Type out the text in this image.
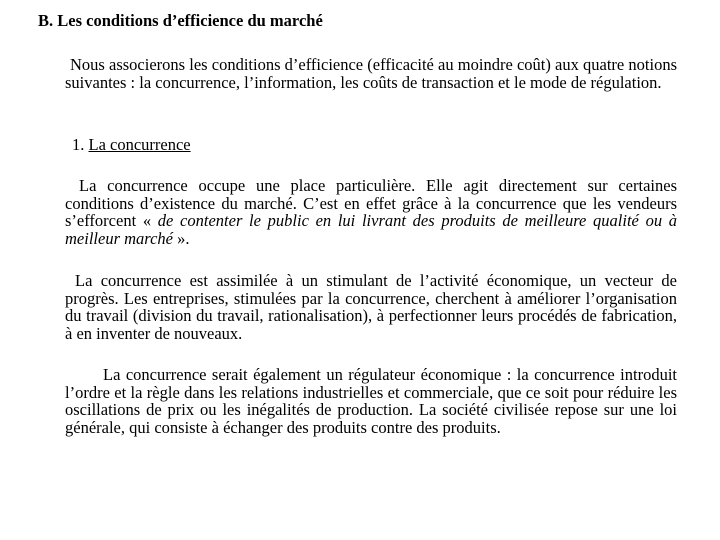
B. Les conditions d’efficience du marché

Nous associerons les conditions d’efficience (efficacité au moindre coût) aux quatre notions suivantes : la concurrence, l’information, les coûts de transaction et le mode de régulation.

1. La concurrence

La concurrence occupe une place particulière. Elle agit directement sur certaines conditions d’existence du marché. C’est en effet grâce à la concurrence que les vendeurs s’efforcent « de contenter le public en lui livrant des produits de meilleure qualité ou à meilleur marché ».

La concurrence est assimilée à un stimulant de l’activité économique, un vecteur de progrès. Les entreprises, stimulées par la concurrence, cherchent à améliorer l’organisation du travail (division du travail, rationalisation), à perfectionner leurs procédés de fabrication, à en inventer de nouveaux.

La concurrence serait également un régulateur économique : la concurrence introduit l’ordre et la règle dans les relations industrielles et commerciale, que ce soit pour réduire les oscillations de prix ou les inégalités de production. La société civilisée repose sur une loi générale, qui consiste à échanger des produits contre des produits.
